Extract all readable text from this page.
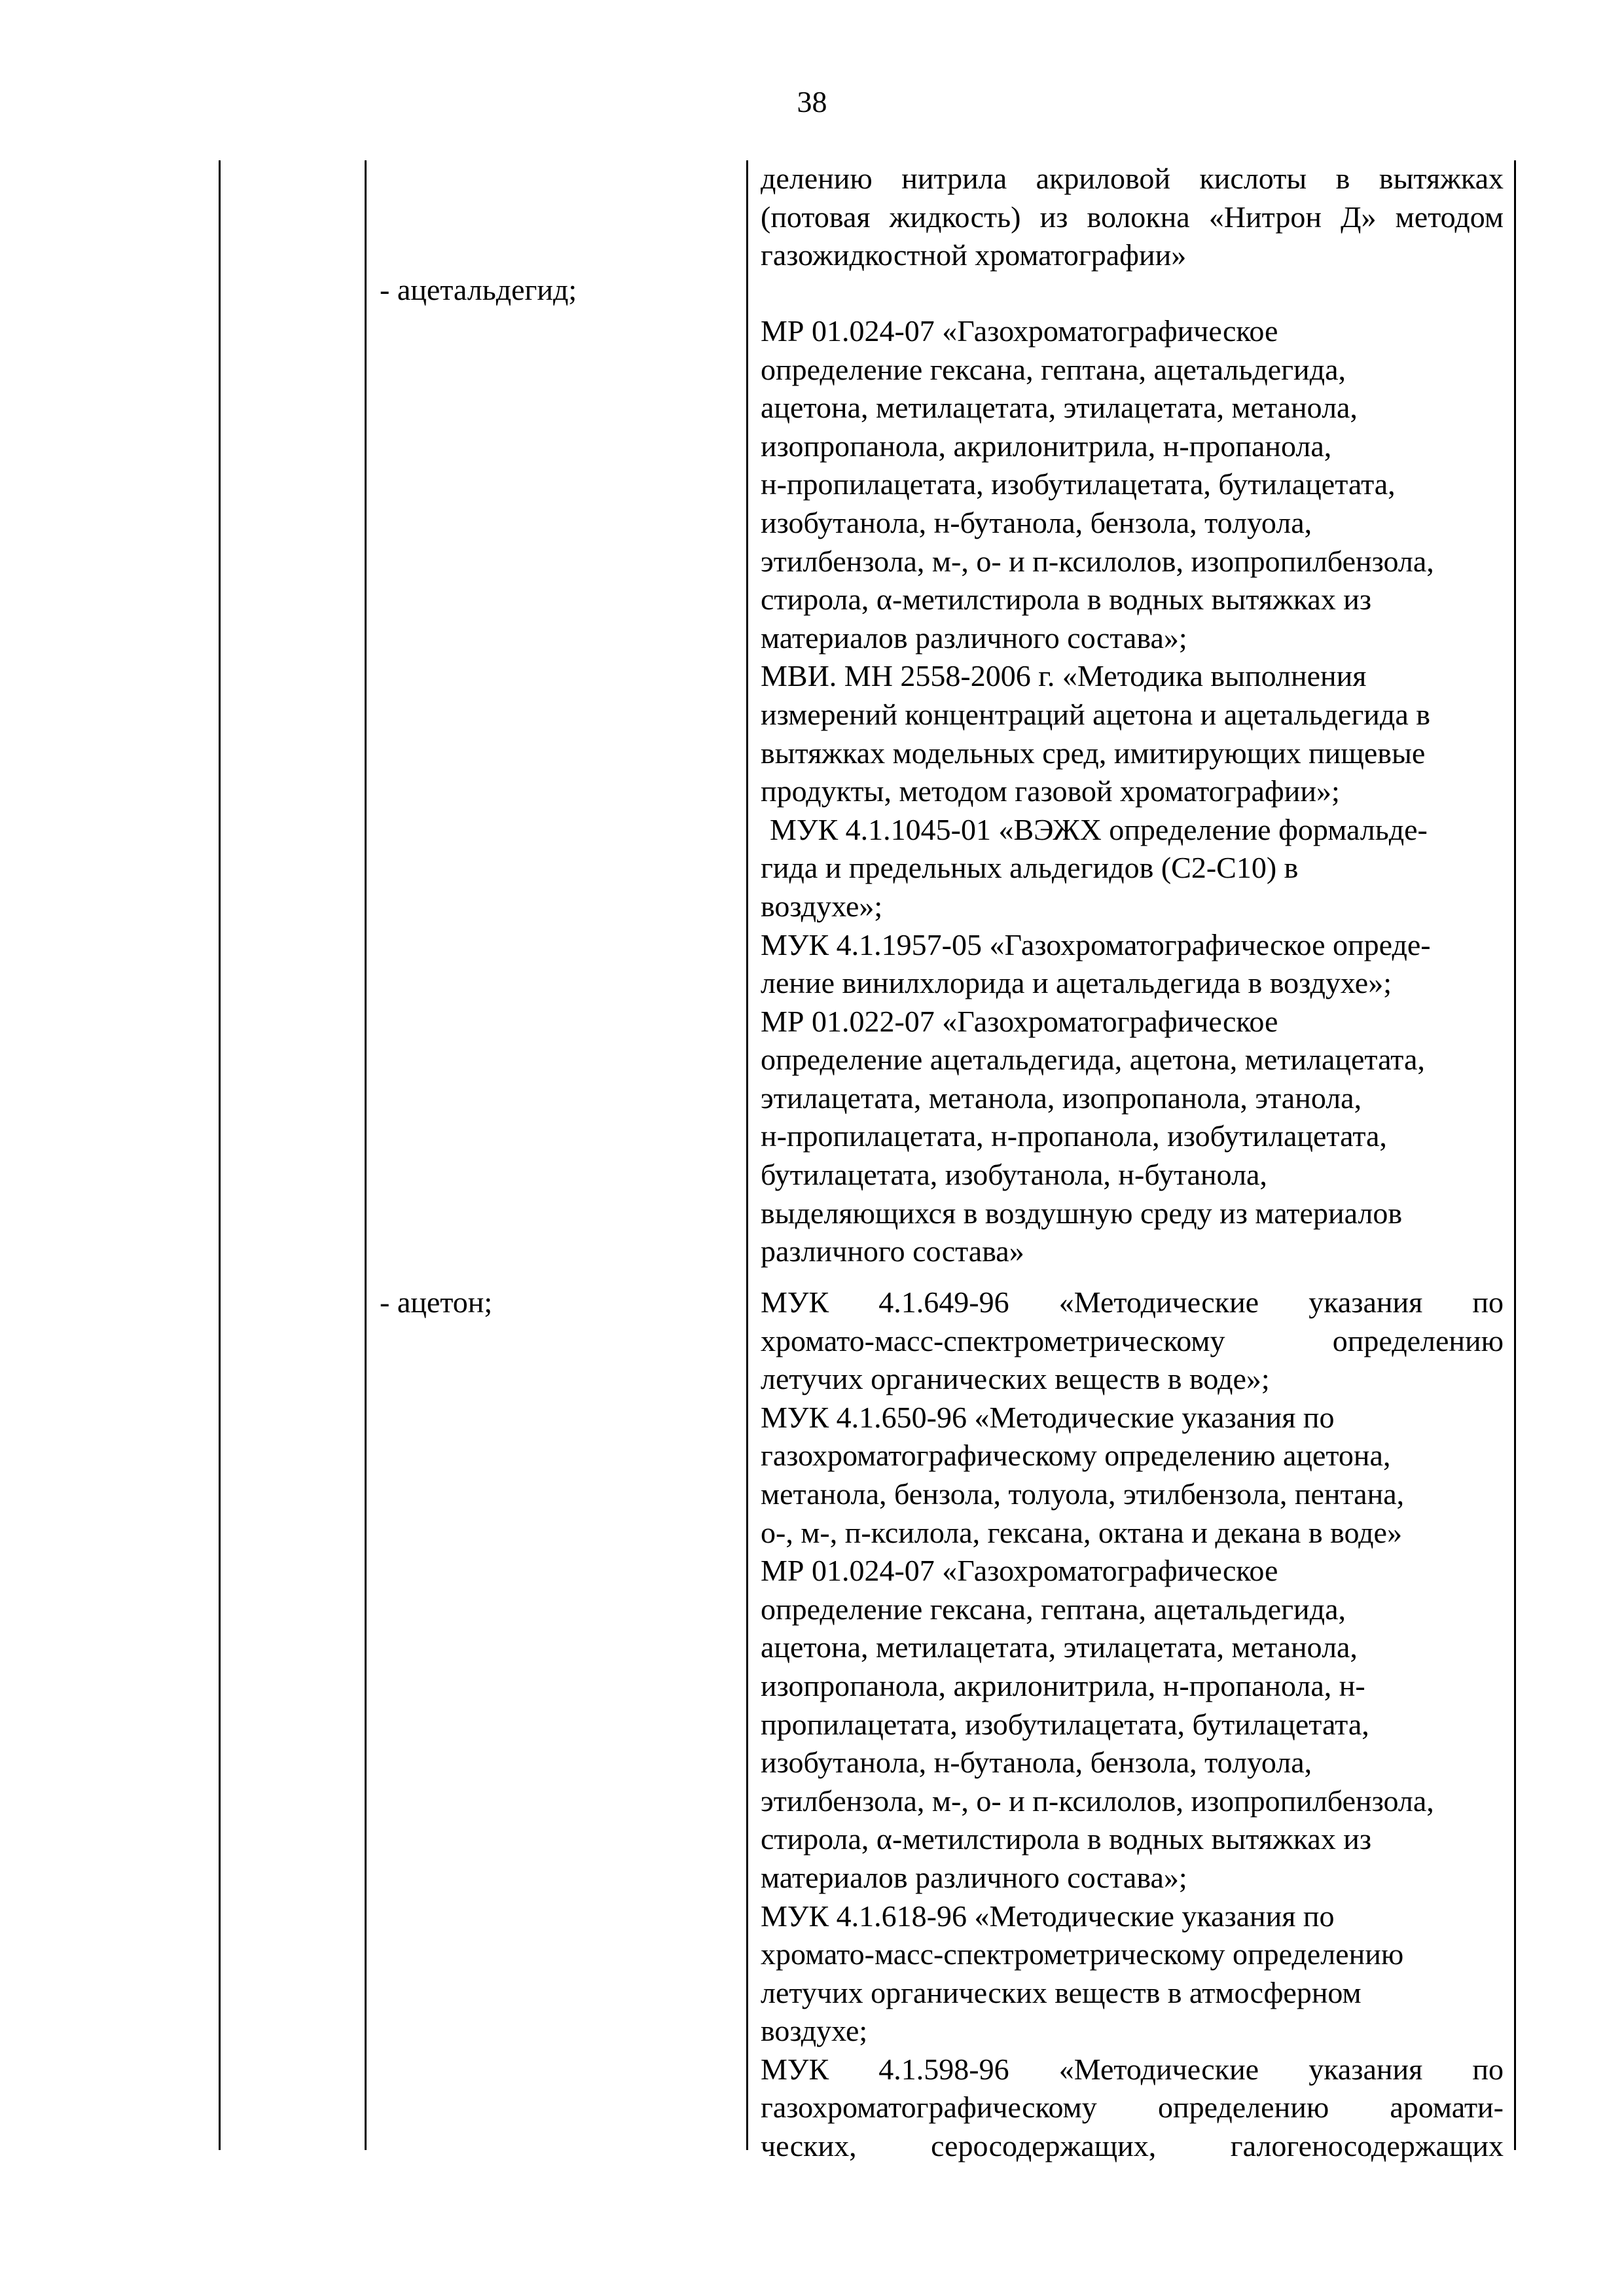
38
- ацетальдегид;
- ацетон;

делению нитрила акриловой кислоты в вытяжках

(потовая жидкость) из волокна «Нитрон Д» методом

газожидкостной хроматографии»

МР 01.024-07 «Газохроматографическое

определение гексана, гептана, ацетальдегида,

ацетона, метилацетата, этилацетата, метанола,

изопропанола, акрилонитрила, н-пропанола,

н-пропилацетата, изобутилацетата, бутилацетата,

изобутанола, н-бутанола, бензола, толуола,

этилбензола, м-, о- и п-ксилолов, изопропилбензола,

стирола, α-метилстирола в водных вытяжках из

материалов различного состава»;

МВИ. МН 2558-2006 г. «Методика выполнения

измерений концентраций ацетона и ацетальдегида в

вытяжках модельных сред, имитирующих пищевые

продукты, методом газовой хроматографии»;

МУК 4.1.1045-01 «ВЭЖХ определение формальде-

гида и предельных альдегидов (С2-С10) в

воздухе»;

МУК 4.1.1957-05 «Газохроматографическое опреде-

ление винилхлорида и ацетальдегида в воздухе»;

МР 01.022-07 «Газохроматографическое

определение ацетальдегида, ацетона, метилацетата,

этилацетата, метанола, изопропанола, этанола,

н-пропилацетата, н-пропанола, изобутилацетата,

бутилацетата, изобутанола, н-бутанола,

выделяющихся в воздушную среду из материалов

различного состава»

МУК 4.1.649-96 «Методические указания по

хромато-масс-спектрометрическому определению

летучих органических веществ в воде»;

МУК 4.1.650-96 «Методические указания по

газохроматографическому определению ацетона,

метанола, бензола, толуола, этилбензола, пентана,

о-, м-, п-ксилола, гексана, октана и декана в воде»

МР 01.024-07 «Газохроматографическое

определение гексана, гептана, ацетальдегида,

ацетона, метилацетата, этилацетата, метанола,

изопропанола, акрилонитрила, н-пропанола, н-

пропилацетата, изобутилацетата, бутилацетата,

изобутанола, н-бутанола, бензола, толуола,

этилбензола, м-, о- и п-ксилолов, изопропилбензола,

стирола, α-метилстирола в водных вытяжках из

материалов различного состава»;

МУК 4.1.618-96 «Методические указания по

хромато-масс-спектрометрическому определению

летучих органических веществ в атмосферном

воздухе;

МУК 4.1.598-96 «Методические указания по

газохроматографическому определению аромати-

ческих, серосодержащих, галогеносодержащих
